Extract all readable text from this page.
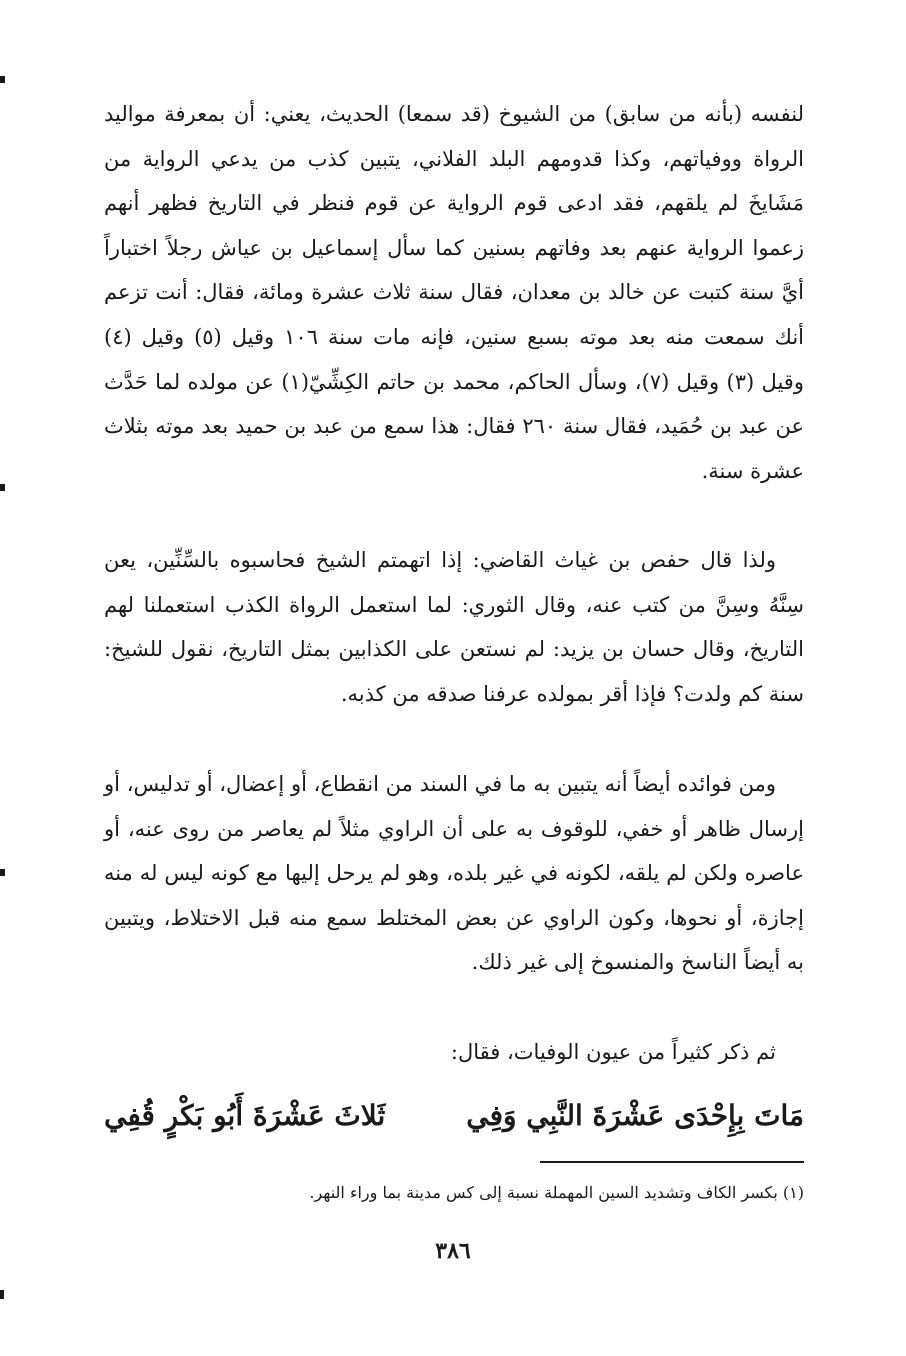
لنفسه (بأنه من سابق) من الشيوخ (قد سمعا) الحديث، يعني: أن بمعرفة مواليد الرواة ووفياتهم، وكذا قدومهم البلد الفلاني، يتبين كذب من يدعي الرواية من مَشَايخَ لم يلقهم، فقد ادعى قوم الرواية عن قوم فنظر في التاريخ فظهر أنهم زعموا الرواية عنهم بعد وفاتهم بسنين كما سأل إسماعيل بن عياش رجلاً اختباراً أيَّ سنة كتبت عن خالد بن معدان، فقال سنة ثلاث عشرة ومائة، فقال: أنت تزعم أنك سمعت منه بعد موته بسبع سنين، فإنه مات سنة ١٠٦ وقيل (٥) وقيل (٤) وقيل (٣) وقيل (٧)، وسأل الحاكم، محمد بن حاتم الكِشِّيّ(١) عن مولده لما حَدَّث عن عبد بن حُمَيد، فقال سنة ٢٦٠ فقال: هذا سمع من عبد بن حميد بعد موته بثلاث عشرة سنة.

ولذا قال حفص بن غياث القاضي: إذا اتهمتم الشيخ فحاسبوه بالسِّنِّين، يعن سِنَّهُ وسِنَّ من كتب عنه، وقال الثوري: لما استعمل الرواة الكذب استعملنا لهم التاريخ، وقال حسان بن يزيد: لم نستعن على الكذابين بمثل التاريخ، نقول للشيخ: سنة كم ولدت؟ فإذا أقر بمولده عرفنا صدقه من كذبه.

ومن فوائده أيضاً أنه يتبين به ما في السند من انقطاع، أو إعضال، أو تدليس، أو إرسال ظاهر أو خفي، للوقوف به على أن الراوي مثلاً لم يعاصر من روى عنه، أو عاصره ولكن لم يلقه، لكونه في غير بلده، وهو لم يرحل إليها مع كونه ليس له منه إجازة، أو نحوها، وكون الراوي عن بعض المختلط سمع منه قبل الاختلاط، ويتبين به أيضاً الناسخ والمنسوخ إلى غير ذلك.

ثم ذكر كثيراً من عيون الوفيات، فقال:

مَاتَ بِإِحْدَى عَشْرَةَ النَّبِي وَفِي
ثَلاثَ عَشْرَةَ أَبُو بَكْرٍ قُفِي
(١) بكسر الكاف وتشديد السين المهملة نسبة إلى كس مدينة بما وراء النهر.
٣٨٦
